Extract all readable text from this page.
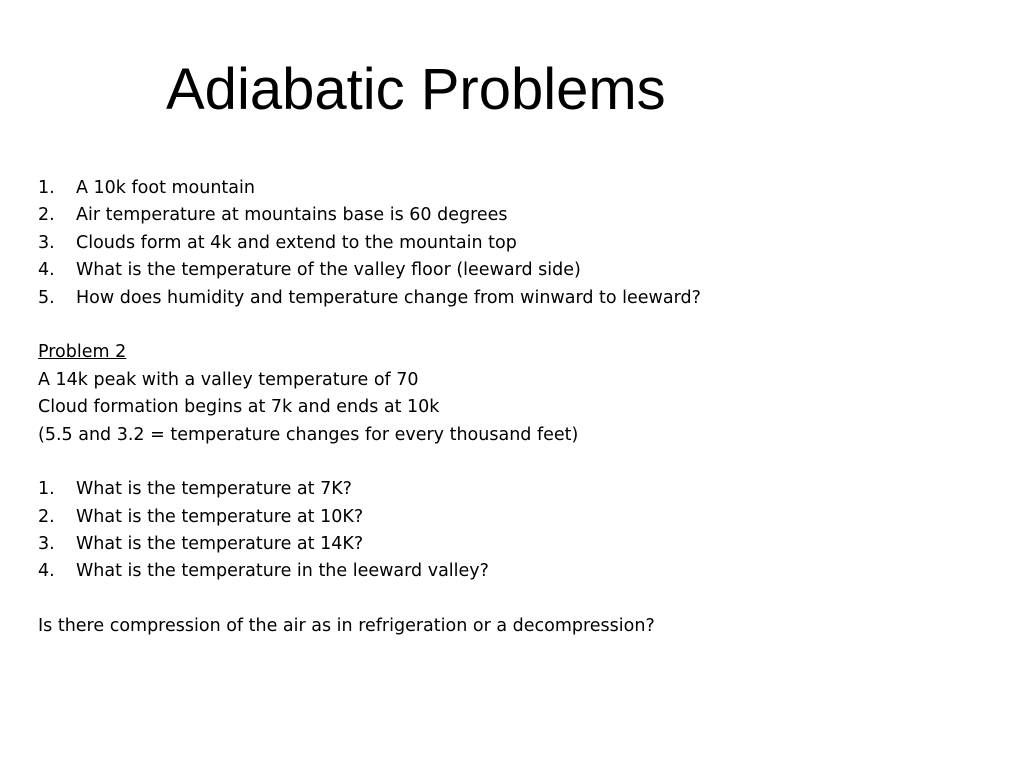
Adiabatic Problems
1.	A 10k foot mountain
2.	Air temperature at mountains base is 60 degrees
3.	Clouds form at 4k and extend to the mountain top
4.	What is the temperature of the valley floor (leeward side)
5.	How does humidity and temperature change from winward to leeward?
Problem 2
A 14k peak with a valley temperature of 70
Cloud formation begins at 7k and ends at 10k
(5.5 and 3.2 = temperature changes for every thousand feet)
1.	What is the temperature at 7K?
2.	What is the temperature at 10K?
3.	What is the temperature at 14K?
4.	What is the temperature in the leeward valley?
Is there compression of the air as in refrigeration or a decompression?
